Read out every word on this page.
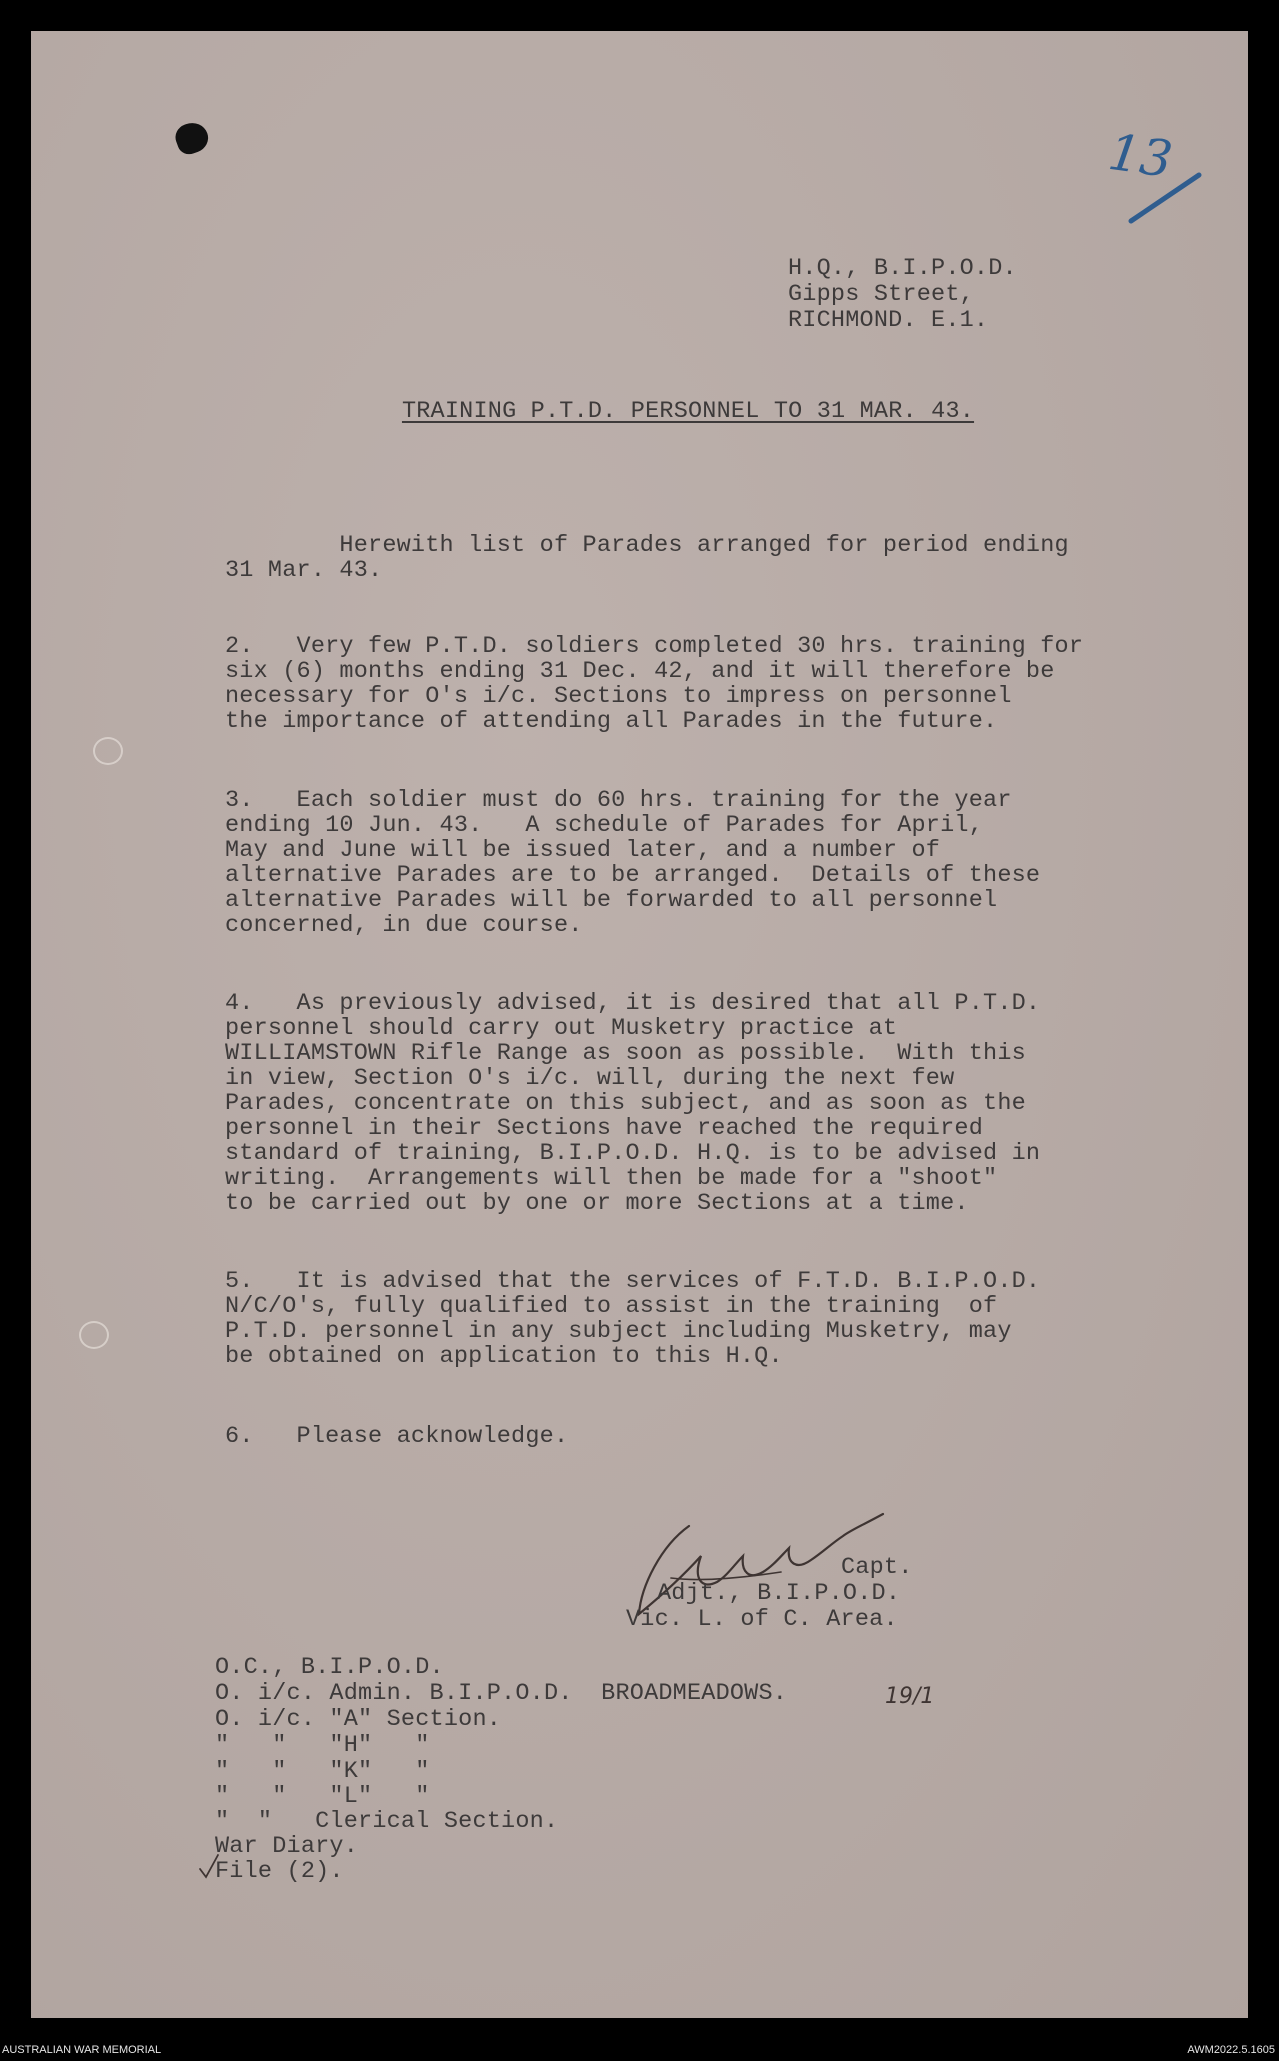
13
H.Q., B.I.P.O.D.
Gipps Street,
RICHMOND. E.1.
TRAINING P.T.D. PERSONNEL TO 31 MAR. 43.
Herewith list of Parades arranged for period ending
31 Mar. 43.
2.   Very few P.T.D. soldiers completed 30 hrs. training for
six (6) months ending 31 Dec. 42, and it will therefore be
necessary for O's i/c. Sections to impress on personnel
the importance of attending all Parades in the future.
3.   Each soldier must do 60 hrs. training for the year
ending 10 Jun. 43.   A schedule of Parades for April,
May and June will be issued later, and a number of
alternative Parades are to be arranged.  Details of these
alternative Parades will be forwarded to all personnel
concerned, in due course.
4.   As previously advised, it is desired that all P.T.D.
personnel should carry out Musketry practice at
WILLIAMSTOWN Rifle Range as soon as possible.  With this
in view, Section O's i/c. will, during the next few
Parades, concentrate on this subject, and as soon as the
personnel in their Sections have reached the required
standard of training, B.I.P.O.D. H.Q. is to be advised in
writing.  Arrangements will then be made for a "shoot"
to be carried out by one or more Sections at a time.
5.   It is advised that the services of F.T.D. B.I.P.O.D.
N/C/O's, fully qualified to assist in the training  of
P.T.D. personnel in any subject including Musketry, may
be obtained on application to this H.Q.
6.   Please acknowledge.
Capt.
Adjt., B.I.P.O.D.
Vic. L. of C. Area.
19/1
O.C., B.I.P.O.D.
O. i/c. Admin. B.I.P.O.D.  BROADMEADOWS.
O. i/c. "A" Section.
"   "   "H"   "
"   "   "K"   "
"   "   "L"   "
"  "   Clerical Section.
War Diary.
File (2).
AUSTRALIAN WAR MEMORIAL	AWM2022.5.1605
